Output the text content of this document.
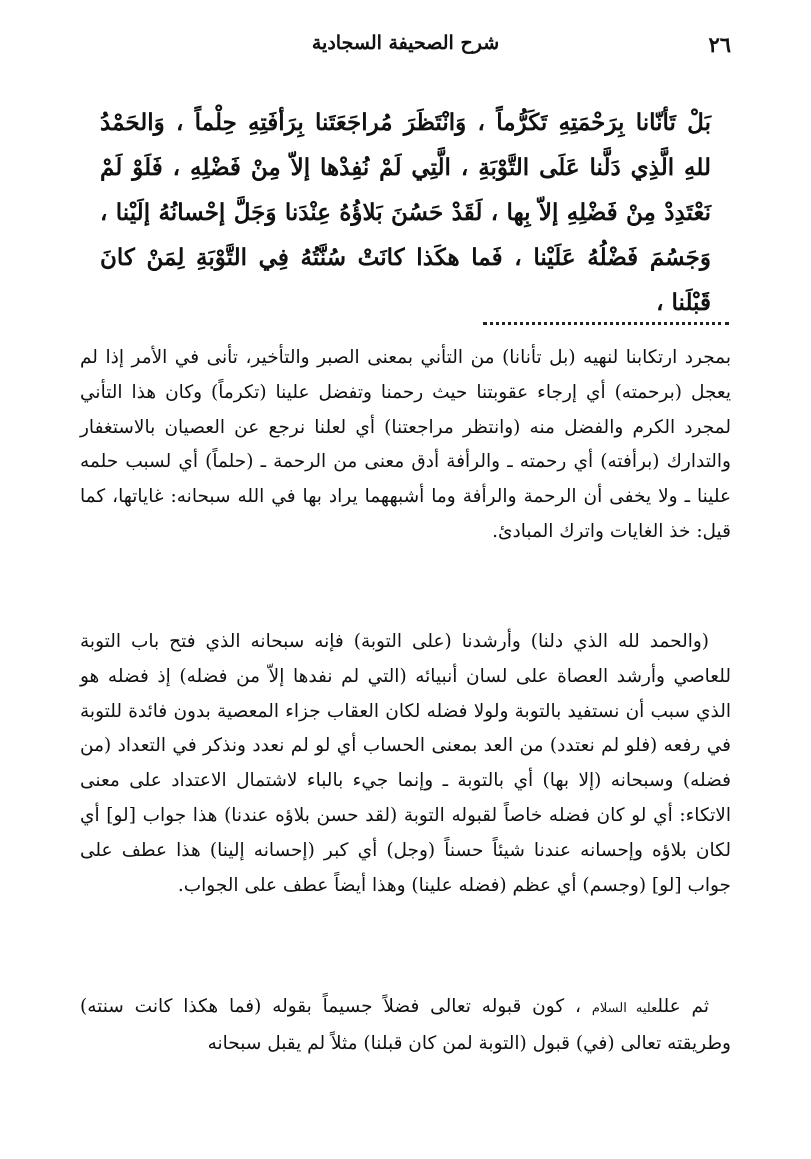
٢٦
شرح الصحيفة السجادية

بَلْ تَأنّانا بِرَحْمَتِهِ تَكَرُّماً ، وَانْتَظَرَ مُراجَعَتَنا بِرَأفَتِهِ حِلْماً ، وَالحَمْدُ للهِ الَّذِي دَلَّنا عَلَى التَّوْبَةِ ، الَّتِي لَمْ نُفِدْها إلاّ مِنْ فَضْلِهِ ، فَلَوْ لَمْ نَعْتَدِدْ مِنْ فَضْلِهِ إلاّ بِها ، لَقَدْ حَسُنَ بَلاؤُهُ عِنْدَنا وَجَلَّ إحْسانُهُ إلَيْنا ، وَجَسُمَ فَضْلُهُ عَلَيْنا ، فَما هكَذا كانَتْ سُنَّتُهُ فِي التَّوْبَةِ لِمَنْ كانَ قَبْلَنا ،

بمجرد ارتكابنا لنهيه (بل تأنانا) من التأني بمعنى الصبر والتأخير، تأنى في الأمر إذا لم يعجل (برحمته) أي إرجاء عقوبتنا حيث رحمنا وتفضل علينا (تكرماً) وكان هذا التأني لمجرد الكرم والفضل منه (وانتظر مراجعتنا) أي لعلنا نرجع عن العصيان بالاستغفار والتدارك (برأفته) أي رحمته ـ والرأفة أدق معنى من الرحمة ـ (حلماً) أي لسبب حلمه علينا ـ ولا يخفى أن الرحمة والرأفة وما أشبههما يراد بها في الله سبحانه: غاياتها، كما قيل: خذ الغايات واترك المبادئ.

(والحمد لله الذي دلنا) وأرشدنا (على التوبة) فإنه سبحانه الذي فتح باب التوبة للعاصي وأرشد العصاة على لسان أنبيائه (التي لم نفدها إلاّ من فضله) إذ فضله هو الذي سبب أن نستفيد بالتوبة ولولا فضله لكان العقاب جزاء المعصية بدون فائدة للتوبة في رفعه (فلو لم نعتدد) من العد بمعنى الحساب أي لو لم نعدد ونذكر في التعداد (من فضله) وسبحانه (إلا بها) أي بالتوبة ـ وإنما جيء بالباء لاشتمال الاعتداد على معنى الاتكاء: أي لو كان فضله خاصاً لقبوله التوبة (لقد حسن بلاؤه عندنا) هذا جواب [لو] أي لكان بلاؤه وإحسانه عندنا شيئاً حسناً (وجل) أي كبر (إحسانه إلينا) هذا عطف على جواب [لو] (وجسم) أي عظم (فضله علينا) وهذا أيضاً عطف على الجواب.

ثم عللعليه السلام ، كون قبوله تعالى فضلاً جسيماً بقوله (فما هكذا كانت سنته) وطريقته تعالى (في) قبول (التوبة لمن كان قبلنا) مثلاً لم يقبل سبحانه
